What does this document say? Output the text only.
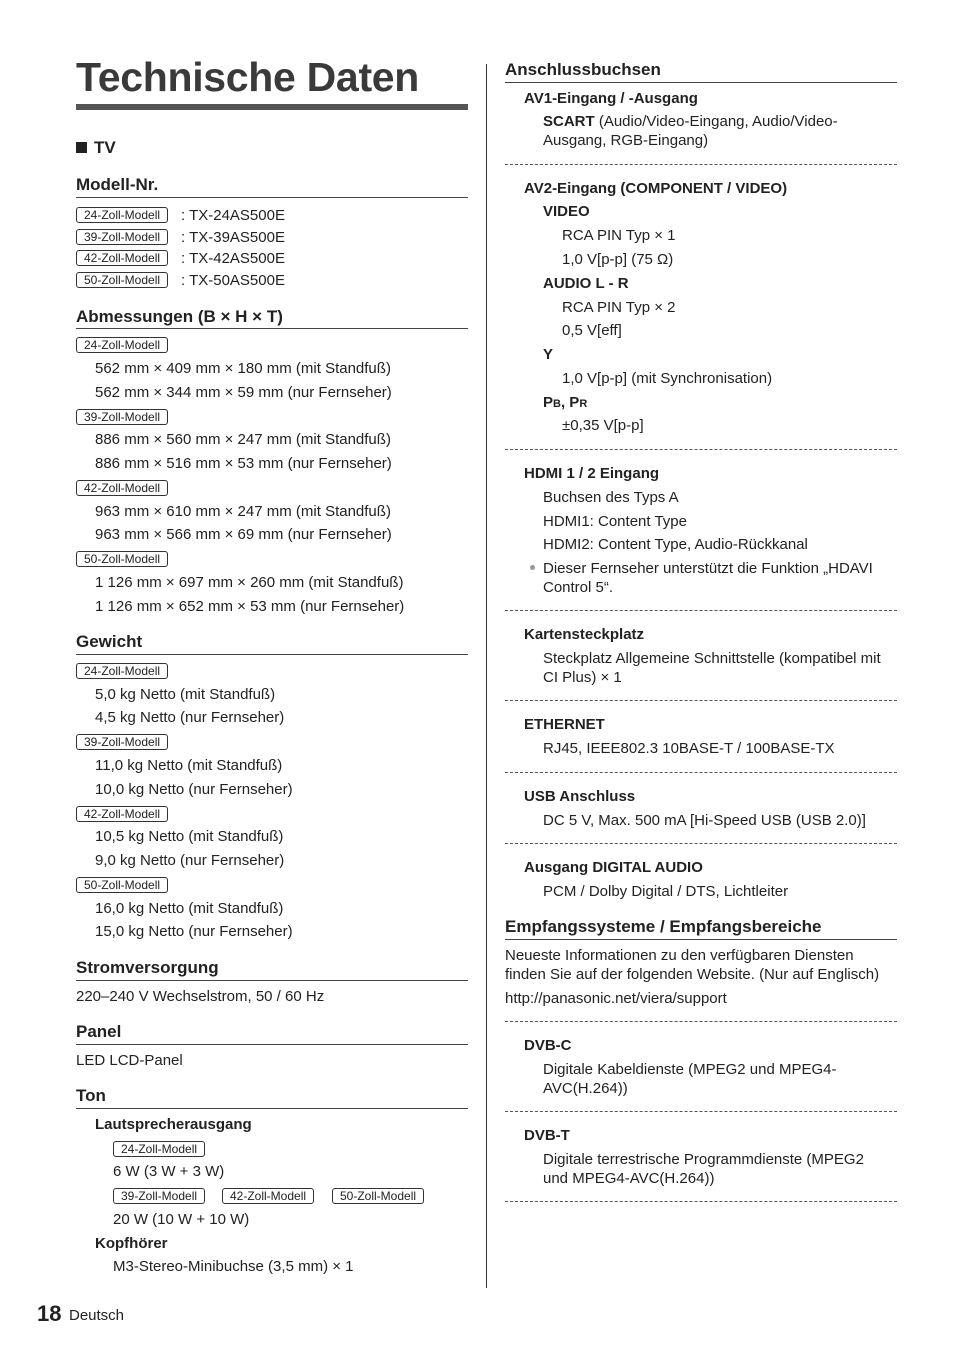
Technische Daten
TV
Modell-Nr.
24-Zoll-Modell	: TX-24AS500E
39-Zoll-Modell	: TX-39AS500E
42-Zoll-Modell	: TX-42AS500E
50-Zoll-Modell	: TX-50AS500E
Abmessungen (B × H × T)
24-Zoll-Modell
562 mm × 409 mm × 180 mm (mit Standfuß)
562 mm × 344 mm × 59 mm (nur Fernseher)
39-Zoll-Modell
886 mm × 560 mm × 247 mm (mit Standfuß)
886 mm × 516 mm × 53 mm (nur Fernseher)
42-Zoll-Modell
963 mm × 610 mm × 247 mm (mit Standfuß)
963 mm × 566 mm × 69 mm (nur Fernseher)
50-Zoll-Modell
1 126 mm × 697 mm × 260 mm (mit Standfuß)
1 126 mm × 652 mm × 53 mm (nur Fernseher)
Gewicht
24-Zoll-Modell
5,0 kg Netto (mit Standfuß)
4,5 kg Netto (nur Fernseher)
39-Zoll-Modell
11,0 kg Netto (mit Standfuß)
10,0 kg Netto (nur Fernseher)
42-Zoll-Modell
10,5 kg Netto (mit Standfuß)
9,0 kg Netto (nur Fernseher)
50-Zoll-Modell
16,0 kg Netto (mit Standfuß)
15,0 kg Netto (nur Fernseher)
Stromversorgung
220–240 V Wechselstrom, 50 / 60 Hz
Panel
LED LCD-Panel
Ton
Lautsprecherausgang
24-Zoll-Modell
6 W (3 W + 3 W)
39-Zoll-Modell	42-Zoll-Modell	50-Zoll-Modell
20 W (10 W + 10 W)
Kopfhörer
M3-Stereo-Minibuchse (3,5 mm) × 1
Anschlussbuchsen
AV1-Eingang / -Ausgang
SCART (Audio/Video-Eingang, Audio/Video-
Ausgang, RGB-Eingang)
AV2-Eingang (COMPONENT / VIDEO)
VIDEO
RCA PIN Typ × 1
1,0 V[p-p] (75 Ω)
AUDIO L - R
RCA PIN Typ × 2
0,5 V[eff]
Y
1,0 V[p-p] (mit Synchronisation)
PB, PR
±0,35 V[p-p]
HDMI 1 / 2 Eingang
Buchsen des Typs A
HDMI1: Content Type
HDMI2: Content Type, Audio-Rückkanal
Dieser Fernseher unterstützt die Funktion „HDAVI
Control 5“.
Kartensteckplatz
Steckplatz Allgemeine Schnittstelle (kompatibel mit
CI Plus) × 1
ETHERNET
RJ45, IEEE802.3 10BASE-T / 100BASE-TX
USB Anschluss
DC 5 V, Max. 500 mA [Hi-Speed USB (USB 2.0)]
Ausgang DIGITAL AUDIO
PCM / Dolby Digital / DTS, Lichtleiter
Empfangssysteme / Empfangsbereiche
Neueste Informationen zu den verfügbaren Diensten
finden Sie auf der folgenden Website. (Nur auf Englisch)
http://panasonic.net/viera/support
DVB-C
Digitale Kabeldienste (MPEG2 und MPEG4-
AVC(H.264))
DVB-T
Digitale terrestrische Programmdienste (MPEG2
und MPEG4-AVC(H.264))
18 Deutsch
